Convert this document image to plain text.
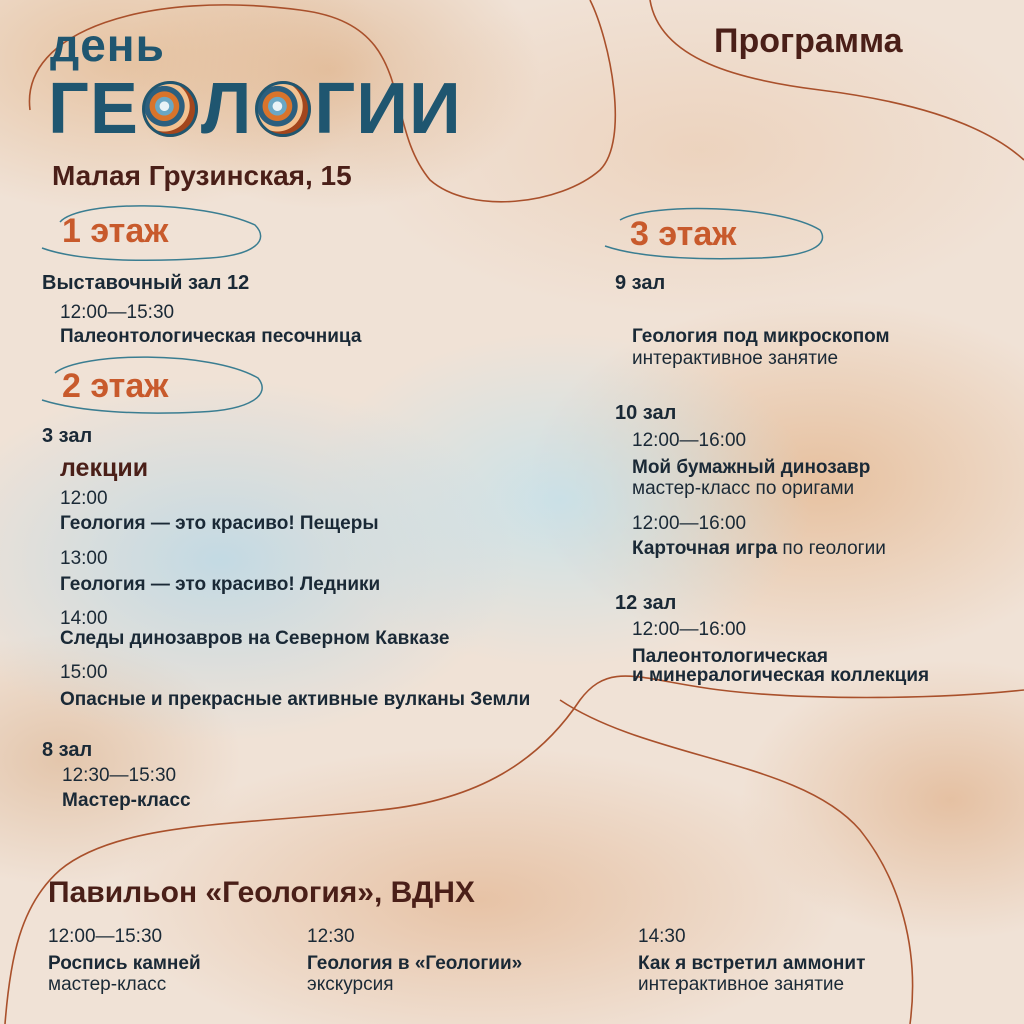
день

ГЕ Л ГИИ

Малая Грузинская, 15

Программа

1 этаж

Выставочный зал 12

12:00—15:30

Палеонтологическая песочница

2 этаж

3 зал

лекции

12:00

Геология — это красиво! Пещеры

13:00

Геология — это красиво! Ледники

14:00

Следы динозавров на Северном Кавказе

15:00

Опасные и прекрасные активные вулканы Земли

8 зал

12:30—15:30

Мастер-класс

3 этаж

9 зал

Геология под микроскопом

интерактивное занятие

10 зал

12:00—16:00

Мой бумажный динозавр

мастер-класс по оригами

12:00—16:00

Карточная игра по геологии

12 зал

12:00—16:00

Палеонтологическая

и минералогическая коллекция

Павильон «Геология», ВДНХ

12:00—15:30

Роспись камней

мастер-класс

12:30

Геология в «Геологии»

экскурсия

14:30

Как я встретил аммонит

интерактивное занятие
